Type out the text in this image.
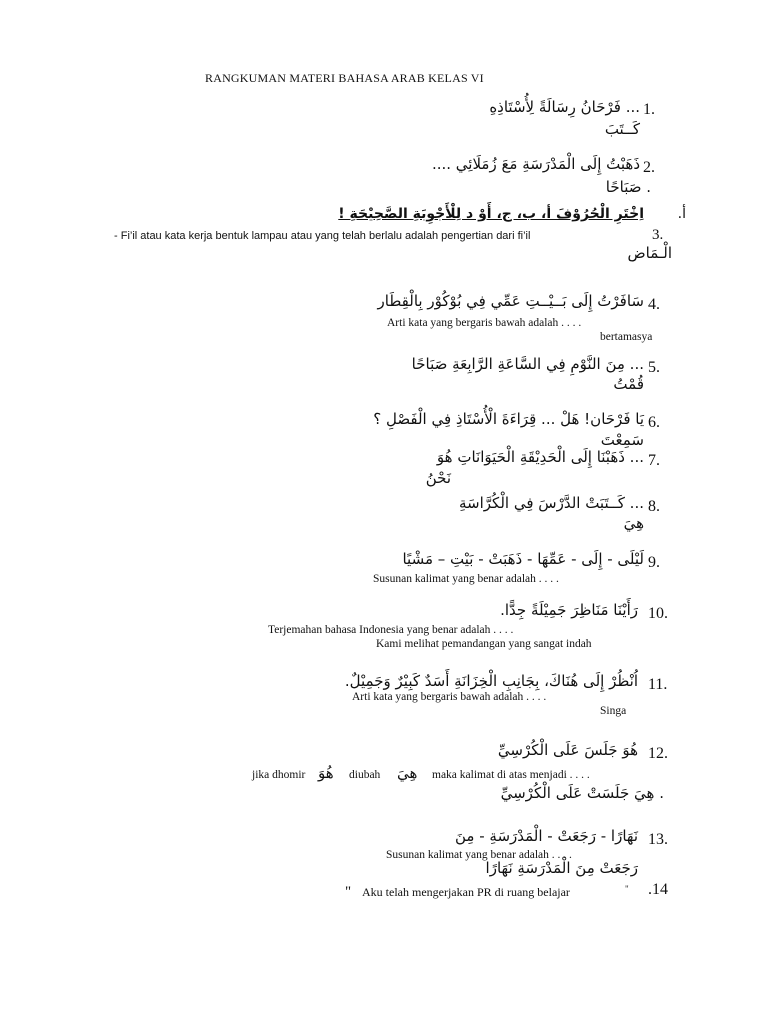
RANGKUMAN MATERI BAHASA ARAB KELAS VI
1.
... فَرْحَانُ رِسَالَةً لِأُسْتَاذِهِ
كَــتَبَ
2.
ذَهَبْتُ إِلَى الْمَدْرَسَةِ مَعَ زُمَلَائِي ....
. صَبَاحًا
أ.
اِخْتَرِ الْحُرُوْفَ أ، ب، ج، أَوْ د لِلْأَجْوِبَةِ الصَّحِيْحَةِ !
- Fi’il atau kata kerja bentuk lampau atau yang telah berlalu adalah pengertian dari fi’il	3.
الْـمَاض
4.
سَافَرْتُ إِلَى بَــيْــتِ عَمِّي فِي بُوْكُوْر بِالْقِطَار
Arti kata yang bergaris bawah adalah . . . .
bertamasya
5.
... مِنَ النَّوْمِ فِي السَّاعَةِ الرَّابِعَةِ صَبَاحًا
قُمْتُ
6.
يَا فَرْحَان! هَلْ ... قِرَاءَةَ الْأُسْتَاذِ فِي الْفَصْلِ ؟
سَمِعْتَ
7.
... ذَهَبْنَا إِلَى الْحَدِيْقَةِ الْحَيَوَانَاتِ هُوَ
نَحْنُ
8.
... كَــتَبَتْ الدَّرْسَ فِي الْكُرَّاسَةِ
هِيَ
9.
لَيْلَى - إِلَى - عَمِّهَا - ذَهَبَتْ - بَيْتِ – مَشْيًا
Susunan kalimat yang benar adalah . . . .
10.
رَأَيْنَا مَنَاظِرَ جَمِيْلَةً جِدًّا.
Terjemahan bahasa Indonesia yang benar adalah . . . .
Kami melihat pemandangan yang sangat indah
11.
اُنْظُرْ إِلَى هُنَاكَ، بِجَانِبِ الْخِزَانَةِ أَسَدٌ كَبِيْرٌ وَجَمِيْلٌ.
Arti kata yang bergaris bawah adalah . . . .
Singa
12.
هُوَ جَلَسَ عَلَى الْكُرْسِيِّ
jika dhomir هُوَ diubah هِيَ maka kalimat di atas menjadi . . . .
. هِيَ جَلَسَتْ عَلَى الْكُرْسِيِّ
13.
نَهَارًا - رَجَعَتْ - الْمَدْرَسَةِ - مِنَ
Susunan kalimat yang benar adalah . . . .
رَجَعَتْ مِنَ الْمَدْرَسَةِ نَهَارًا
" Aku telah mengerjakan PR di ruang belajar	" .14
